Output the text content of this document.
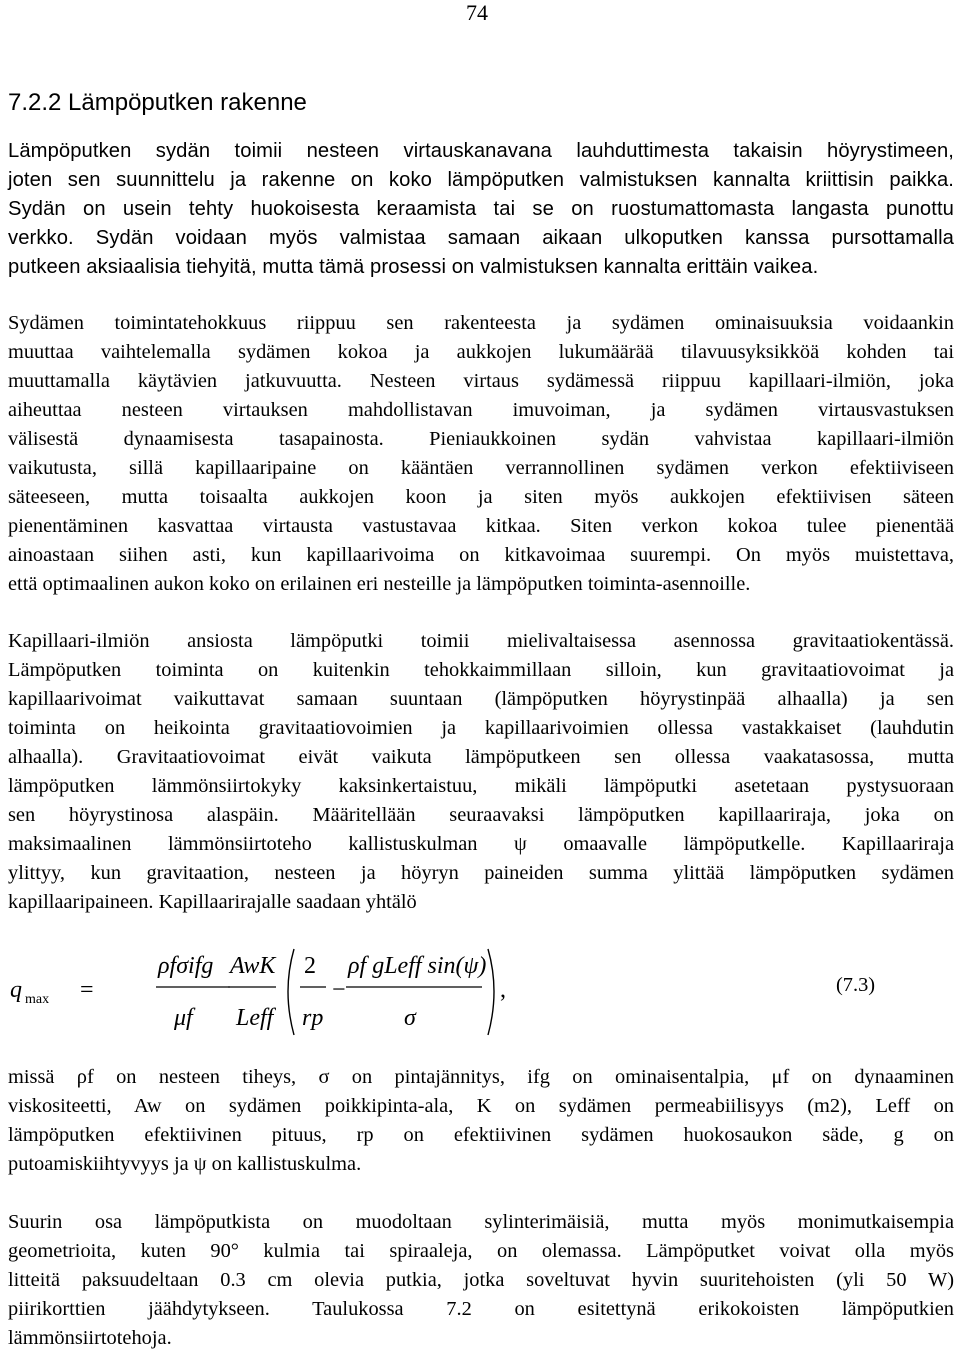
74
7.2.2 Lämpöputken rakenne
Lämpöputken sydän toimii nesteen virtauskanavana lauhduttimesta takaisin höyrystimeen,
joten sen suunnittelu ja rakenne on koko lämpöputken valmistuksen kannalta kriittisin paikka.
Sydän on usein tehty huokoisesta keraamista tai se on ruostumattomasta langasta punottu
verkko. Sydän voidaan myös valmistaa samaan aikaan ulkoputken kanssa pursottamalla
putkeen aksiaalisia tiehyitä, mutta tämä prosessi on valmistuksen kannalta erittäin vaikea.
Sydämen toimintatehokkuus riippuu sen rakenteesta ja sydämen ominaisuuksia voidaankin
muuttaa vaihtelemalla sydämen kokoa ja aukkojen lukumäärää tilavuusyksikköä kohden tai
muuttamalla käytävien jatkuvuutta. Nesteen virtaus sydämessä riippuu kapillaari-ilmiön, joka
aiheuttaa nesteen virtauksen mahdollistavan imuvoiman, ja sydämen virtausvastuksen
välisestä dynaamisesta tasapainosta. Pieniaukkoinen sydän vahvistaa kapillaari-ilmiön
vaikutusta, sillä kapillaaripaine on kääntäen verrannollinen sydämen verkon efektiiviseen
säteeseen, mutta toisaalta aukkojen koon ja siten myös aukkojen efektiivisen säteen
pienentäminen kasvattaa virtausta vastustavaa kitkaa. Siten verkon kokoa tulee pienentää
ainoastaan siihen asti, kun kapillaarivoima on kitkavoimaa suurempi. On myös muistettava,
että optimaalinen aukon koko on erilainen eri nesteille ja lämpöputken toiminta-asennoille.
Kapillaari-ilmiön ansiosta lämpöputki toimii mielivaltaisessa asennossa gravitaatiokentässä.
Lämpöputken toiminta on kuitenkin tehokkaimmillaan silloin, kun gravitaatiovoimat ja
kapillaarivoimat vaikuttavat samaan suuntaan (lämpöputken höyrystinpää alhaalla) ja sen
toiminta on heikointa gravitaatiovoimien ja kapillaarivoimien ollessa vastakkaiset (lauhdutin
alhaalla). Gravitaatiovoimat eivät vaikuta lämpöputkeen sen ollessa vaakatasossa, mutta
lämpöputken lämmönsiirtokyky kaksinkertaistuu, mikäli lämpöputki asetetaan pystysuoraan
sen höyrystinosa alaspäin. Määritellään seuraavaksi lämpöputken kapillaariraja, joka on
maksimaalinen lämmönsiirtoteho kallistuskulman ψ omaavalle lämpöputkelle. Kapillaariraja
ylittyy, kun gravitaation, nesteen ja höyryn paineiden summa ylittää lämpöputken sydämen
kapillaaripaineen. Kapillaarirajalle saadaan yhtälö
q max =
ρfσifg
μf
AwK
Leff
2
rp
−
ρf gLeff sin(ψ)
σ
,	(7.3)
missä ρf on nesteen tiheys, σ on pintajännitys, ifg on ominaisentalpia, μf on dynaaminen
viskositeetti, Aw on sydämen poikkipinta-ala, K on sydämen permeabiilisyys (m2), Leff on
lämpöputken efektiivinen pituus, rp on efektiivinen sydämen huokosaukon säde, g on
putoamiskiihtyvyys ja ψ on kallistuskulma.
Suurin osa lämpöputkista on muodoltaan sylinterimäisiä, mutta myös monimutkaisempia
geometrioita, kuten 90° kulmia tai spiraaleja, on olemassa. Lämpöputket voivat olla myös
litteitä paksuudeltaan 0.3 cm olevia putkia, jotka soveltuvat hyvin suuritehoisten (yli 50 W)
piirikorttien jäähdytykseen. Taulukossa 7.2 on esitettynä erikokoisten lämpöputkien
lämmönsiirtotehoja.
